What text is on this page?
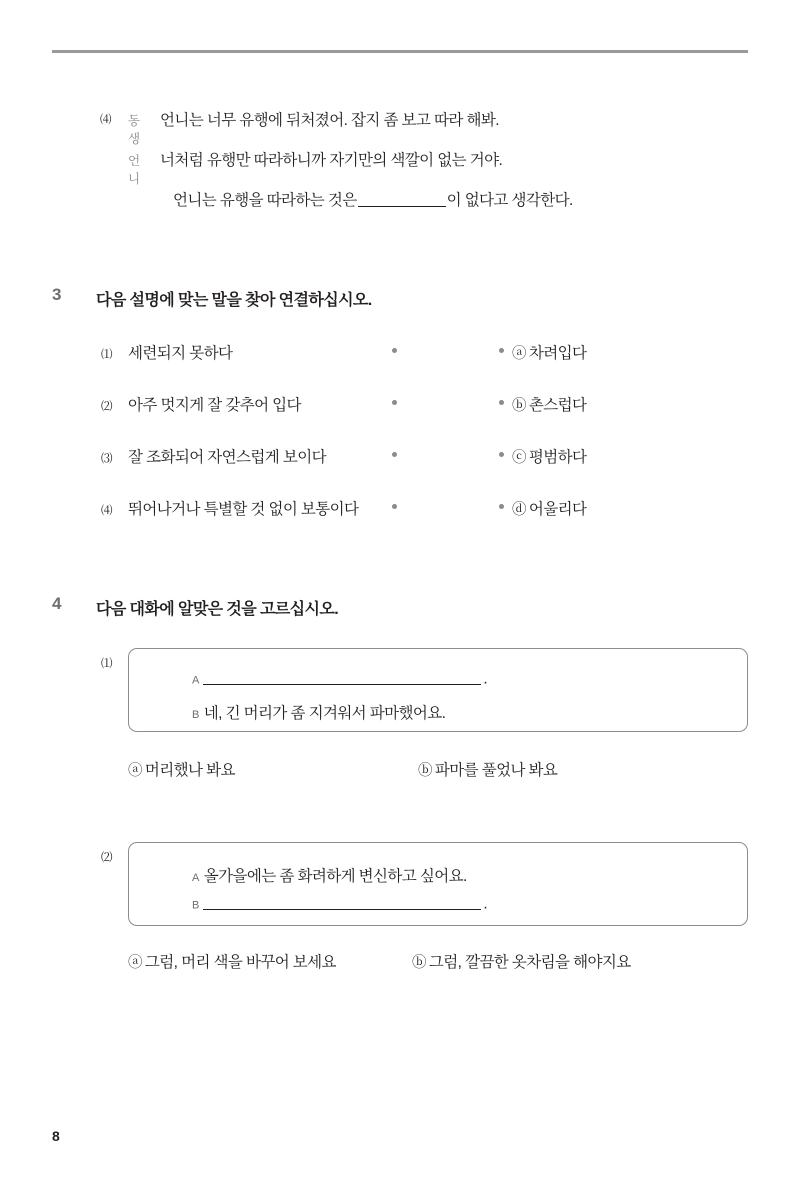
⑷ 동생
언니는 너무 유행에 뒤처졌어. 잡지 좀 보고 따라 해봐.
언니
너처럼 유행만 따라하니까 자기만의 색깔이 없는 거야.
언니는 유행을 따라하는 것은	이 없다고 생각한다.
3 다음 설명에 맞는 말을 찾아 연결하십시오.
⑴ 세련되지 못하다	ⓐ 차려입다
⑵ 아주 멋지게 잘 갖추어 입다	ⓑ 촌스럽다
⑶ 잘 조화되어 자연스럽게 보이다	ⓒ 평범하다
⑷ 뛰어나거나 특별할 것 없이 보통이다	ⓓ 어울리다
4 다음 대화에 알맞은 것을 고르십시오.
⑴
A	.
B 네, 긴 머리가 좀 지겨워서 파마했어요.
ⓐ 머리했나 봐요	ⓑ 파마를 풀었나 봐요
⑵
A 올가을에는 좀 화려하게 변신하고 싶어요.
B	.
ⓐ 그럼, 머리 색을 바꾸어 보세요	ⓑ 그럼, 깔끔한 옷차림을 해야지요
8
